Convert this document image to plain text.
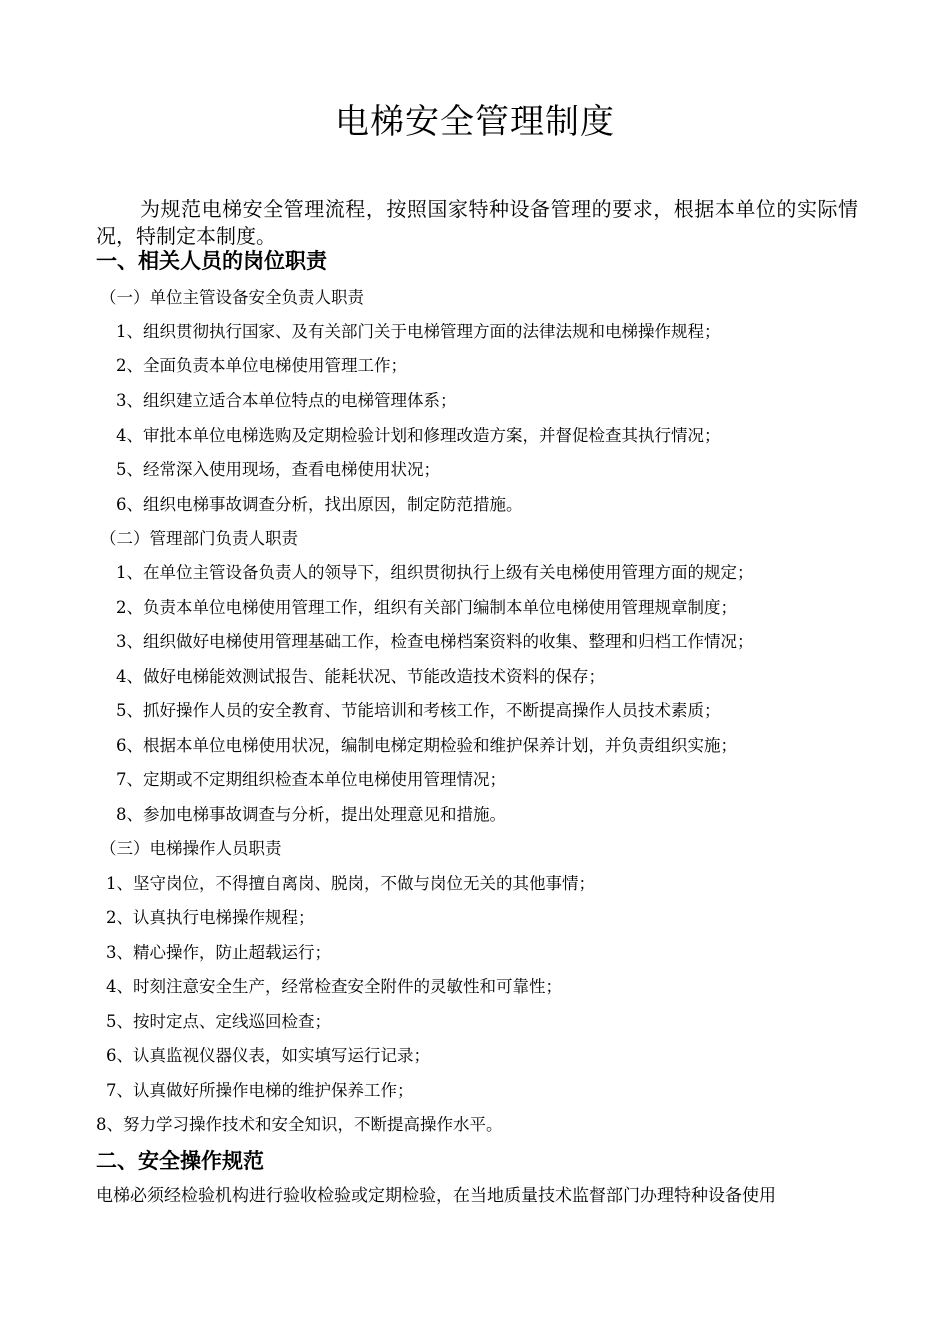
电梯安全管理制度
为规范电梯安全管理流程，按照国家特种设备管理的要求，根据本单位的实际情况，特制定本制度。
一、相关人员的岗位职责
（一）单位主管设备安全负责人职责
1、组织贯彻执行国家、及有关部门关于电梯管理方面的法律法规和电梯操作规程；
2、全面负责本单位电梯使用管理工作；
3、组织建立适合本单位特点的电梯管理体系；
4、审批本单位电梯选购及定期检验计划和修理改造方案，并督促检查其执行情况；
5、经常深入使用现场，查看电梯使用状况；
6、组织电梯事故调查分析，找出原因，制定防范措施。
（二）管理部门负责人职责
1、在单位主管设备负责人的领导下，组织贯彻执行上级有关电梯使用管理方面的规定；
2、负责本单位电梯使用管理工作，组织有关部门编制本单位电梯使用管理规章制度；
3、组织做好电梯使用管理基础工作，检查电梯档案资料的收集、整理和归档工作情况；
4、做好电梯能效测试报告、能耗状况、节能改造技术资料的保存；
5、抓好操作人员的安全教育、节能培训和考核工作，不断提高操作人员技术素质；
6、根据本单位电梯使用状况，编制电梯定期检验和维护保养计划，并负责组织实施；
7、定期或不定期组织检查本单位电梯使用管理情况；
8、参加电梯事故调查与分析，提出处理意见和措施。
（三）电梯操作人员职责
1、坚守岗位，不得擅自离岗、脱岗，不做与岗位无关的其他事情；
2、认真执行电梯操作规程；
3、精心操作，防止超载运行；
4、时刻注意安全生产，经常检查安全附件的灵敏性和可靠性；
5、按时定点、定线巡回检查；
6、认真监视仪器仪表，如实填写运行记录；
7、认真做好所操作电梯的维护保养工作；
8、努力学习操作技术和安全知识，不断提高操作水平。
二、安全操作规范
电梯必须经检验机构进行验收检验或定期检验，在当地质量技术监督部门办理特种设备使用
